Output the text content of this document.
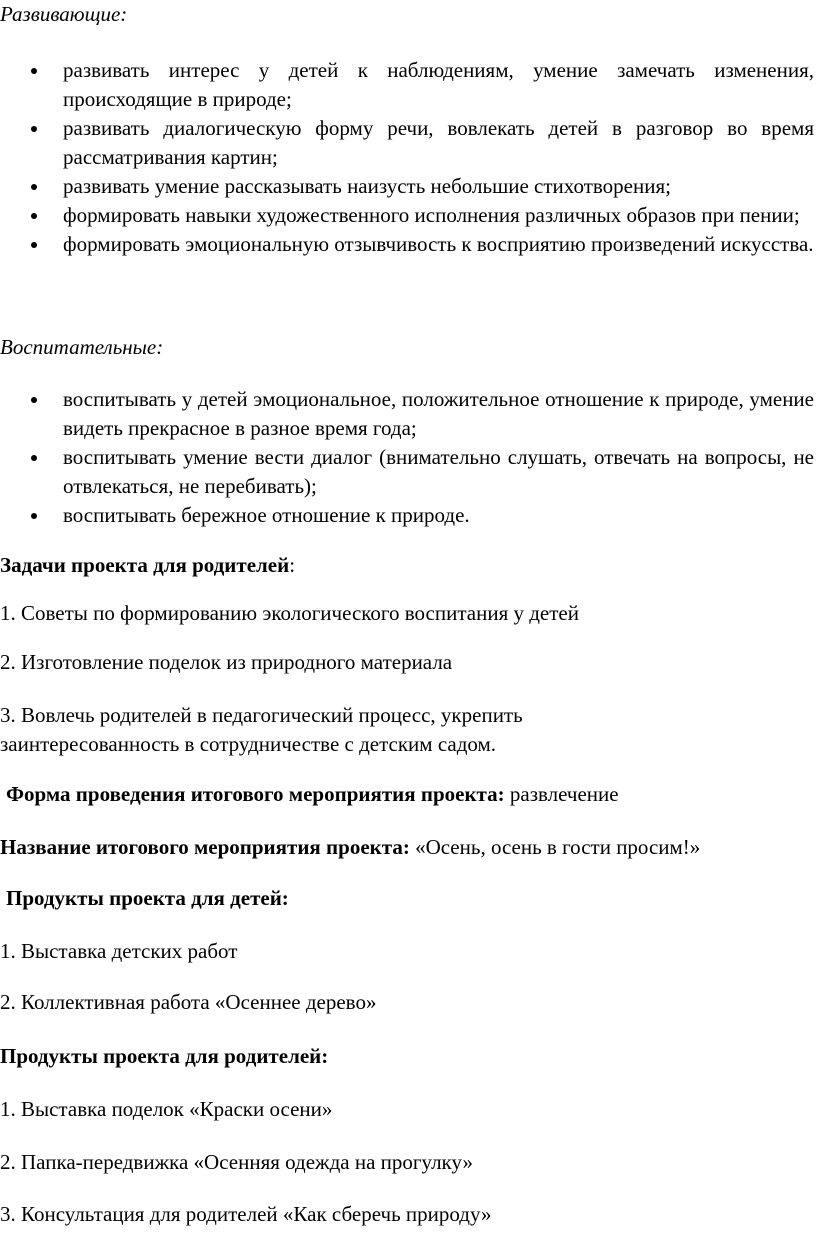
Развивающие:

развивать интерес у детей к наблюдениям, умение замечать изменения, происходящие в природе;
развивать диалогическую форму речи, вовлекать детей в разговор во время рассматривания картин;
развивать умение рассказывать наизусть небольшие стихотворения;
формировать навыки художественного исполнения различных образов при пении;
формировать эмоциональную отзывчивость к восприятию произведений искусства.

Воспитательные:

воспитывать у детей эмоциональное, положительное отношение к природе, умение видеть прекрасное в разное время года;
воспитывать умение вести диалог (внимательно слушать, отвечать на вопросы, не отвлекаться, не перебивать);
воспитывать бережное отношение к природе.

Задачи проекта для родителей:

1. Советы по формированию экологического воспитания у детей

2. Изготовление поделок из природного материала

3. Вовлечь родителей в педагогический процесс, укрепить

заинтересованность в сотрудничестве с детским садом.

Форма проведения итогового мероприятия проекта: развлечение

Название итогового мероприятия проекта: «Осень, осень в гости просим!»

Продукты проекта для детей:

1. Выставка детских работ

2. Коллективная работа «Осеннее дерево»

Продукты проекта для родителей:

1. Выставка поделок «Краски осени»

2. Папка-передвижка «Осенняя одежда на прогулку»

3. Консультация для родителей «Как сберечь природу»
